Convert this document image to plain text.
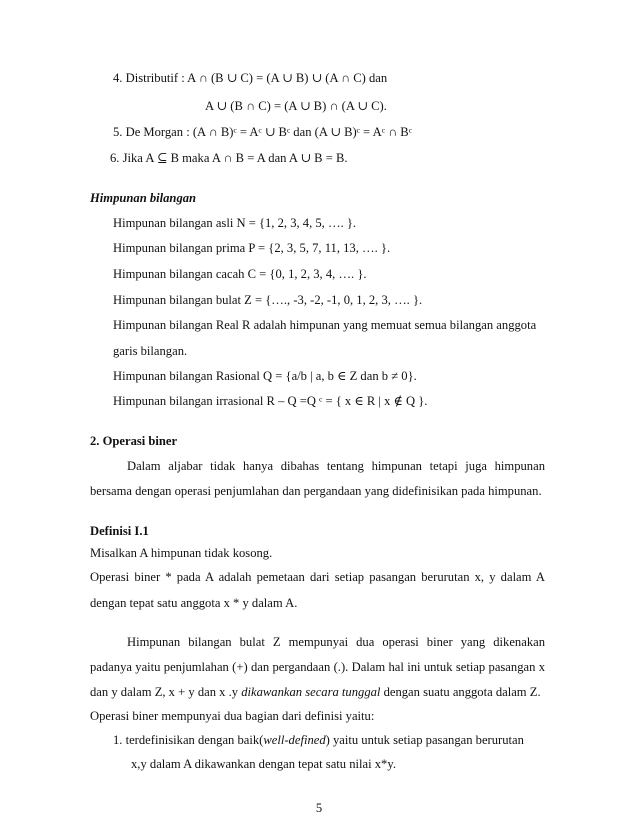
4. Distributif : A ∩ (B ∪ C) = (A ∪ B) ∪ (A ∩ C) dan
A ∪ (B ∩ C) = (A ∪ B) ∩ (A ∪ C).
5. De Morgan : (A ∩ B)ᶜ = Aᶜ ∪ Bᶜ dan (A ∪ B)ᶜ = Aᶜ ∩ Bᶜ
6. Jika A ⊆ B maka A ∩ B = A dan A ∪ B = B.
Himpunan bilangan
Himpunan bilangan asli N = {1, 2, 3, 4, 5, …. }.
Himpunan bilangan prima P = {2, 3, 5, 7, 11, 13, …. }.
Himpunan bilangan cacah C = {0, 1, 2, 3, 4, …. }.
Himpunan bilangan bulat Z = {…., -3, -2, -1, 0, 1, 2, 3, …. }.
Himpunan bilangan Real R adalah himpunan yang memuat semua bilangan anggota
garis bilangan.
Himpunan bilangan Rasional Q = {a/b | a, b ∈ Z dan b ≠ 0}.
Himpunan bilangan irrasional R – Q =Q ᶜ = { x ∈ R | x ∉ Q }.
2. Operasi biner
Dalam aljabar tidak hanya dibahas tentang himpunan tetapi juga himpunan
bersama dengan operasi penjumlahan dan pergandaan yang didefinisikan pada himpunan.
Definisi I.1
Misalkan A himpunan tidak kosong.
Operasi biner * pada A adalah pemetaan dari setiap pasangan berurutan x, y dalam A
dengan tepat satu anggota x * y dalam A.
Himpunan bilangan bulat Z mempunyai dua operasi biner yang dikenakan
padanya yaitu penjumlahan (+) dan pergandaan (.). Dalam hal ini untuk setiap pasangan x
dan y dalam Z, x + y dan x .y dikawankan secara tunggal dengan suatu anggota dalam Z.
Operasi biner mempunyai dua bagian dari definisi yaitu:
1. terdefinisikan dengan baik(well-defined) yaitu untuk setiap pasangan berurutan
x,y dalam A dikawankan dengan tepat satu nilai x*y.
5
